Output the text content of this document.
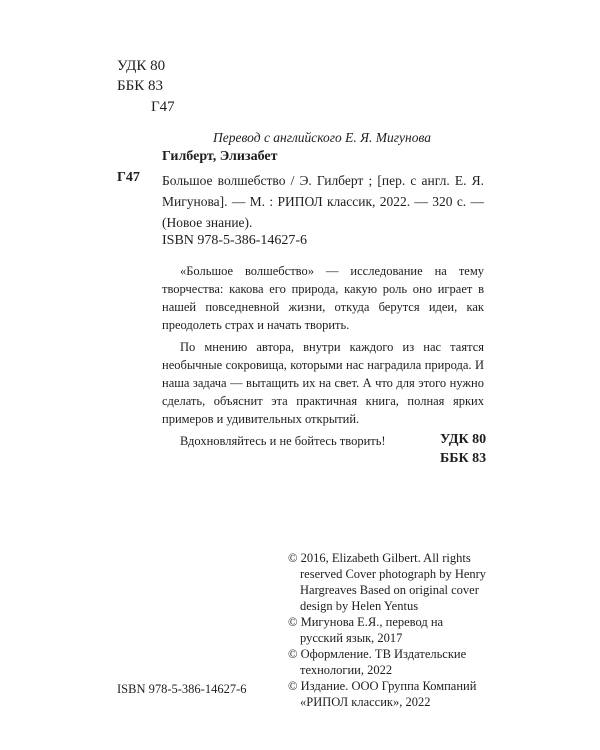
УДК 80
ББК 83
Г47
Перевод с английского Е. Я. Мигунова
Г47
Гилберт, Элизабет
Большое волшебство / Э. Гилберт ; [пер. с англ. Е. Я. Мигунова]. — М. : РИПОЛ классик, 2022. — 320 с. — (Новое знание).
ISBN 978-5-386-14627-6

«Большое волшебство» — исследование на тему творчества: какова его природа, какую роль оно играет в нашей повседневной жизни, откуда берутся идеи, как преодолеть страх и начать творить.

По мнению автора, внутри каждого из нас таятся необычные сокровища, которыми нас наградила природа. И наша задача — вытащить их на свет. А что для этого нужно сделать, объяснит эта практичная книга, полная ярких примеров и удивительных открытий.

Вдохновляйтесь и не бойтесь творить!	УДК 80
ББК 83
© 2016, Elizabeth Gilbert. All rights reserved Cover photograph by Henry Hargreaves Based on original cover design by Helen Yentus
© Мигунова Е.Я., перевод на русский язык, 2017
© Оформление. ТВ Издательские технологии, 2022
© Издание. ООО Группа Компаний «РИПОЛ классик», 2022
ISBN 978-5-386-14627-6
